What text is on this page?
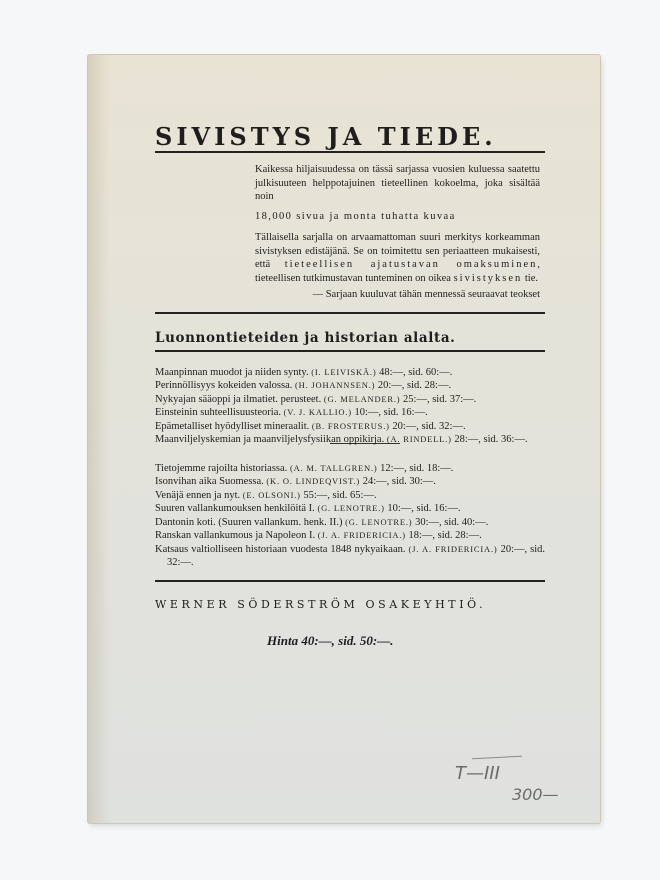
SIVISTYS JA TIEDE.

Kaikessa hiljaisuudessa on tässä sarjassa vuosien kuluessa saatettu julkisuuteen helppotajuinen tieteellinen kokoelma, joka sisältää noin

18,000 sivua ja monta tuhatta kuvaa

Tällaisella sarjalla on arvaamattoman suuri merkitys korkeamman sivistyksen edistäjänä. Se on toimitettu sen periaatteen mukaisesti, että tieteellisen ajatustavan omaksuminen, tieteellisen tutkimustavan tunteminen on oikea sivistyksen tie.

— Sarjaan kuuluvat tähän mennessä seuraavat teokset

Luonnontieteiden ja historian alalta.

Maanpinnan muodot ja niiden synty. (I. LEIVISKÄ.) 48:—, sid. 60:—.

Perinnöllisyys kokeiden valossa. (H. JOHANNSEN.) 20:—, sid. 28:—.

Nykyajan sääoppi ja ilmatiet. perusteet. (G. MELANDER.) 25:—, sid. 37:—.

Einsteinin suhteellisuusteoria. (V. J. KALLIO.) 10:—, sid. 16:—.

Epämetalliset hyödylliset mineraalit. (B. FROSTERUS.) 20:—, sid. 32:—.

Maanviljelyskemian ja maanviljelysfysiikan oppikirja. (A. RINDELL.) 28:—, sid. 36:—.

Tietojemme rajoilta historiassa. (A. M. TALLGREN.) 12:—, sid. 18:—.

Isonvihan aika Suomessa. (K. O. LINDEQVIST.) 24:—, sid. 30:—.

Venäjä ennen ja nyt. (E. OLSONI.) 55:—, sid. 65:—.

Suuren vallankumouksen henkilöitä I. (G. LENOTRE.) 10:—, sid. 16:—.

Dantonin koti. (Suuren vallankum. henk. II.) (G. LENOTRE.) 30:—, sid. 40:—.

Ranskan vallankumous ja Napoleon I. (J. A. FRIDERICIA.) 18:—, sid. 28:—.

Katsaus valtiolliseen historiaan vuodesta 1848 nykyaikaan. (J. A. FRIDERICIA.) 20:—, sid. 32:—.

WERNER SÖDERSTRÖM OSAKEYHTIÖ.
Hinta 40:—, sid. 50:—.
T—III
300—
